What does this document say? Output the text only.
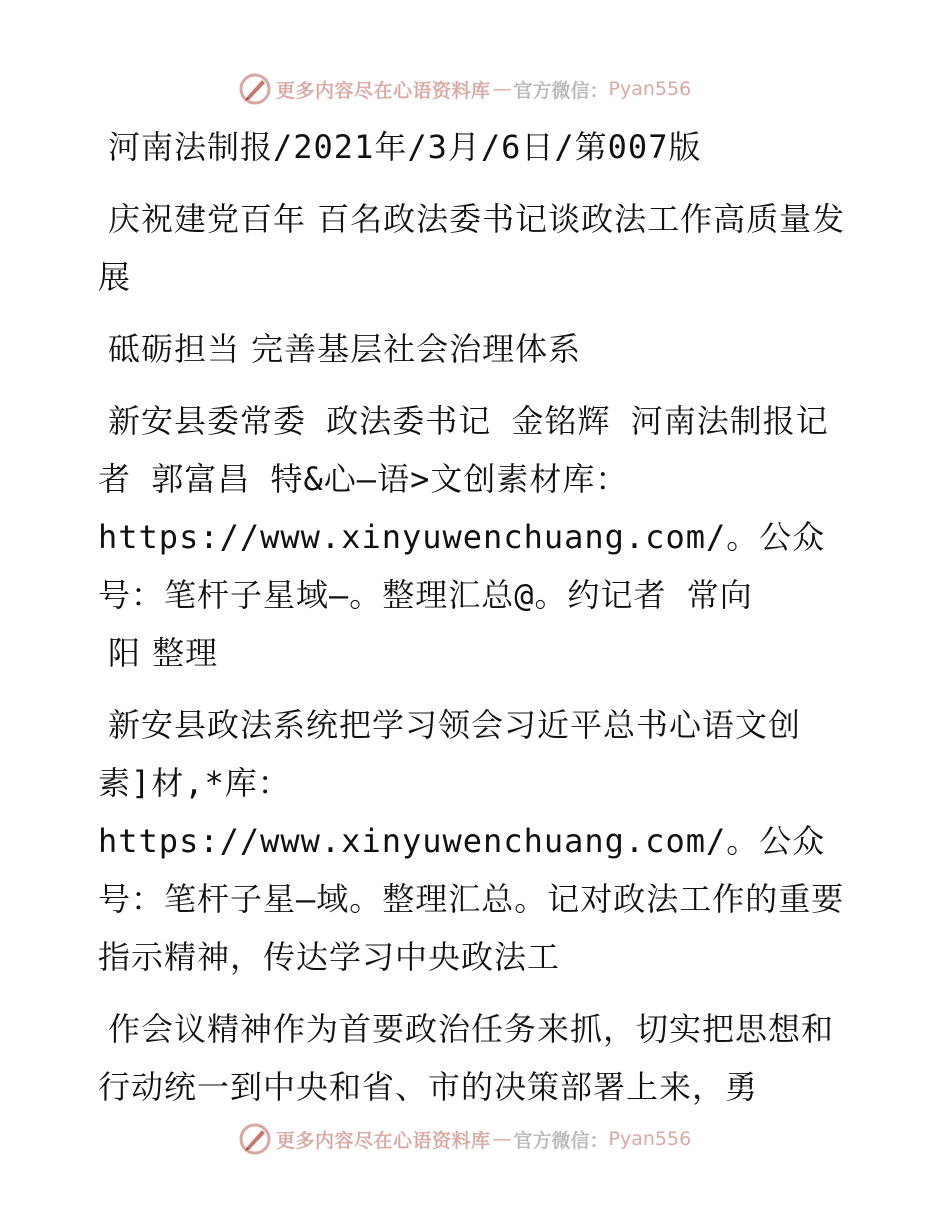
更多内容尽在心语资料库 — 官方微信： Pyan556

河南法制报/2021年/3月/6日/第007版

庆祝建党百年 百名政法委书记谈政法工作高质量发展

砥砺担当 完善基层社会治理体系

新安县委常委 政法委书记 金铭辉 河南法制报记者 郭富昌 特&心—语>文创素材库：https://www.xinyuwenchuang.com/。公众号：笔杆子星域—。整理汇总@。约记者 常向

阳 整理

新安县政法系统把学习领会习近平总书心语文创素]材,*库：https://www.xinyuwenchuang.com/。公众号：笔杆子星—域。整理汇总。记对政法工作的重要指示精神，传达学习中央政法工

作会议精神作为首要政治任务来抓，切实把思想和行动统一到中央和省、市的决策部署上来，勇

更多内容尽在心语资料库 — 官方微信： Pyan556
